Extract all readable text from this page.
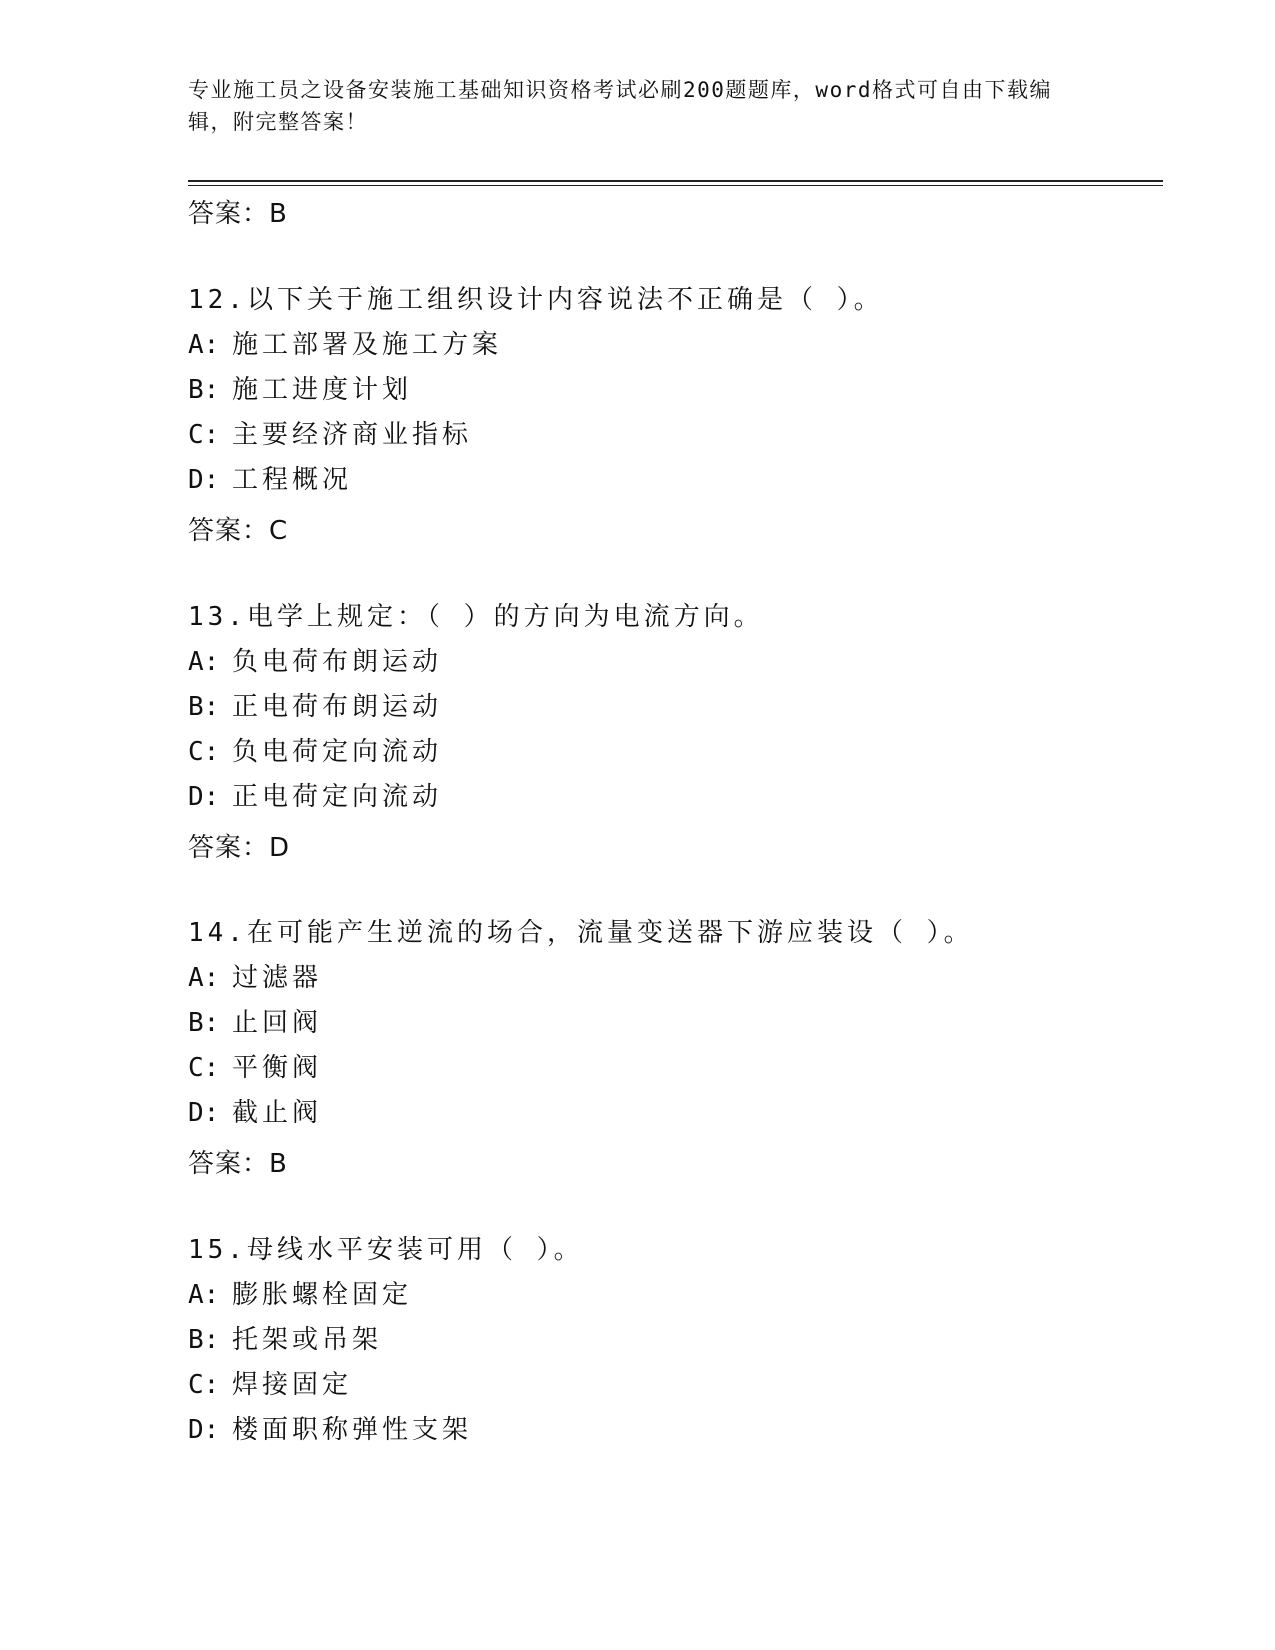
专业施工员之设备安装施工基础知识资格考试必刷200题题库，word格式可自由下载编辑，附完整答案！
答案：B
12.以下关于施工组织设计内容说法不正确是（ ）。
A: 施工部署及施工方案
B: 施工进度计划
C: 主要经济商业指标
D: 工程概况
答案：C
13.电学上规定：（ ）的方向为电流方向。
A: 负电荷布朗运动
B: 正电荷布朗运动
C: 负电荷定向流动
D: 正电荷定向流动
答案：D
14.在可能产生逆流的场合，流量变送器下游应装设（ ）。
A: 过滤器
B: 止回阀
C: 平衡阀
D: 截止阀
答案：B
15.母线水平安装可用（ ）。
A: 膨胀螺栓固定
B: 托架或吊架
C: 焊接固定
D: 楼面职称弹性支架
